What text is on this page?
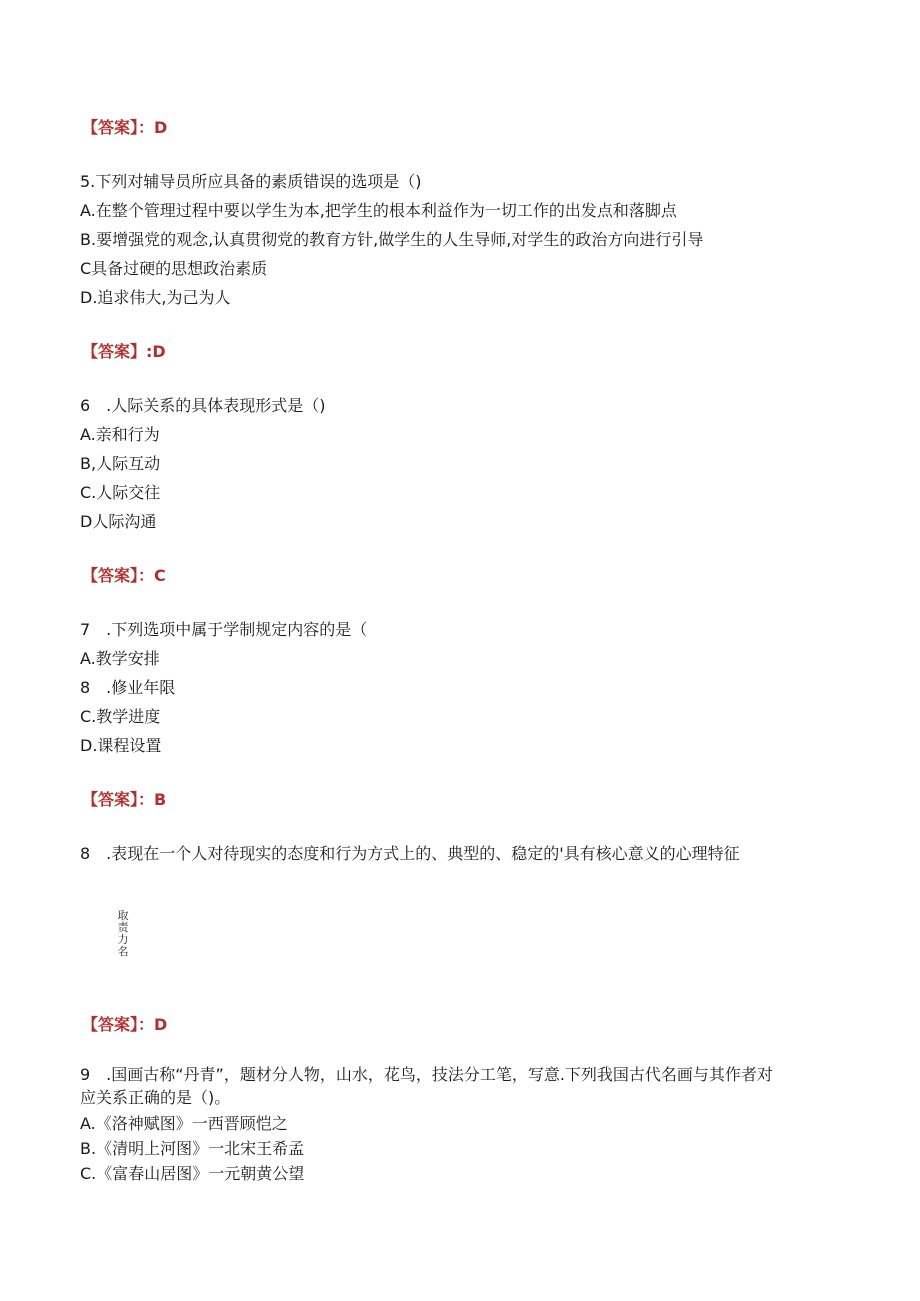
【答案】：D
5.下列对辅导员所应具备的素质错误的选项是（)
A.在整个管理过程中要以学生为本,把学生的根本利益作为一切工作的出发点和落脚点
B.要增强党的观念,认真贯彻党的教育方针,做学生的人生导师,对学生的政治方向进行引导
C具备过硬的思想政治素质
D.追求伟大,为己为人
【答案】:D
6　.人际关系的具体表现形式是（)
A.亲和行为
B,人际互动
C.人际交往
D人际沟通
【答案】：C
7　.下列选项中属于学制规定内容的是（
A.教学安排
8　.修业年限
C.教学进度
D.课程设置
【答案】：B
8　.表现在一个人对待现实的态度和行为方式上的、典型的、稳定的'具有核心意义的心理特征
取
责
力
名
【答案】：D
9　.国画古称“丹青”，题材分人物，山水，花鸟，技法分工笔，写意.下列我国古代名画与其作者对
应关系正确的是（)。
A.《洛神赋图》一西晋顾恺之
B.《清明上河图》一北宋王希孟
C.《富春山居图》一元朝黄公望
